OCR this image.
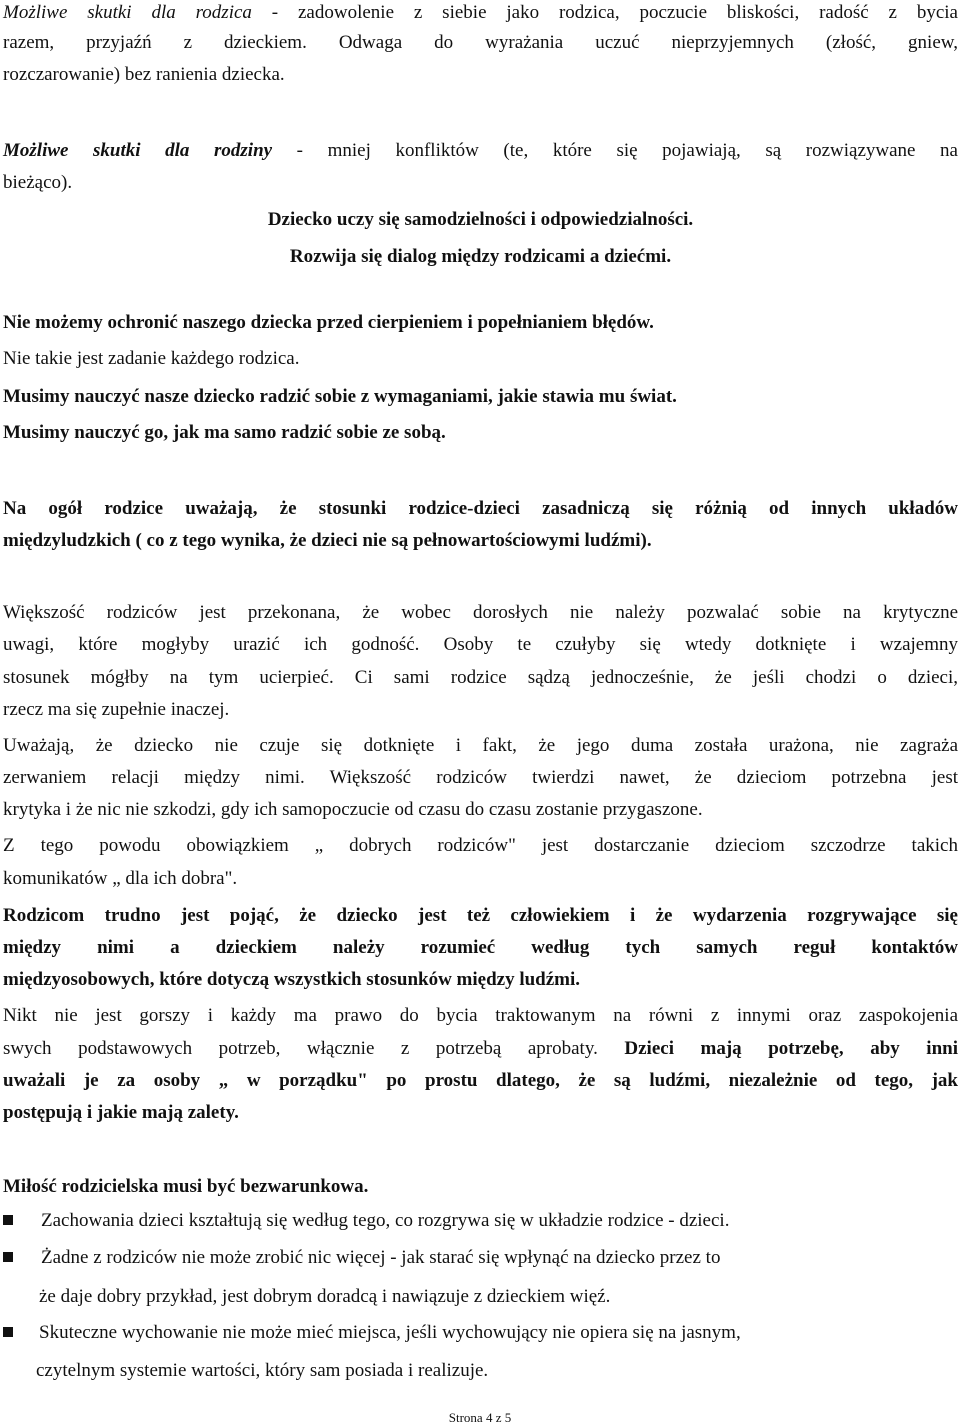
Możliwe skutki dla rodzica - zadowolenie z siebie jako rodzica, poczucie bliskości, radość z bycia
razem, przyjaźń z dzieckiem. Odwaga do wyrażania uczuć nieprzyjemnych (złość, gniew,
rozczarowanie) bez ranienia dziecka.
Możliwe skutki dla rodziny - mniej konfliktów (te, które się pojawiają, są rozwiązywane na
bieżąco).
Dziecko uczy się samodzielności i odpowiedzialności.
Rozwija się dialog między rodzicami a dziećmi.
Nie możemy ochronić naszego dziecka przed cierpieniem i popełnianiem błędów.
Nie takie jest zadanie każdego rodzica.
Musimy nauczyć nasze dziecko radzić sobie z wymaganiami, jakie stawia mu świat.
Musimy nauczyć go, jak ma samo radzić sobie ze sobą.
Na ogół rodzice uważają, że stosunki rodzice-dzieci zasadniczą się różnią od innych układów
międzyludzkich ( co z tego wynika, że dzieci nie są pełnowartościowymi ludźmi).
Większość rodziców jest przekonana, że wobec dorosłych nie należy pozwalać sobie na krytyczne
uwagi, które mogłyby urazić ich godność. Osoby te czułyby się wtedy dotknięte i wzajemny
stosunek mógłby na tym ucierpieć. Ci sami rodzice sądzą jednocześnie, że jeśli chodzi o dzieci,
rzecz ma się zupełnie inaczej.
Uważają, że dziecko nie czuje się dotknięte i fakt, że jego duma została urażona, nie zagraża
zerwaniem relacji między nimi. Większość rodziców twierdzi nawet, że dzieciom potrzebna jest
krytyka i że nic nie szkodzi, gdy ich samopoczucie od czasu do czasu zostanie przygaszone.
Z tego powodu obowiązkiem „ dobrych rodziców" jest dostarczanie dzieciom szczodrze takich
komunikatów „ dla ich dobra".
Rodzicom trudno jest pojąć, że dziecko jest też człowiekiem i że wydarzenia rozgrywające się
między nimi a dzieckiem należy rozumieć według tych samych reguł kontaktów
międzyosobowych, które dotyczą wszystkich stosunków między ludźmi.
Nikt nie jest gorszy i każdy ma prawo do bycia traktowanym na równi z innymi oraz zaspokojenia
swych podstawowych potrzeb, włącznie z potrzebą aprobaty. Dzieci mają potrzebę, aby inni
uważali je za osoby „ w porządku" po prostu dlatego, że są ludźmi, niezależnie od tego, jak
postępują i jakie mają zalety.
Miłość rodzicielska musi być bezwarunkowa.
Zachowania dzieci kształtują się według tego, co rozgrywa się w układzie rodzice - dzieci.
Żadne z rodziców nie może zrobić nic więcej - jak starać się wpłynąć na dziecko przez to
że daje dobry przykład, jest dobrym doradcą i nawiązuje z dzieckiem więź.
Skuteczne wychowanie nie może mieć miejsca, jeśli wychowujący nie opiera się na jasnym,
czytelnym systemie wartości, który sam posiada i realizuje.
Strona 4 z 5
